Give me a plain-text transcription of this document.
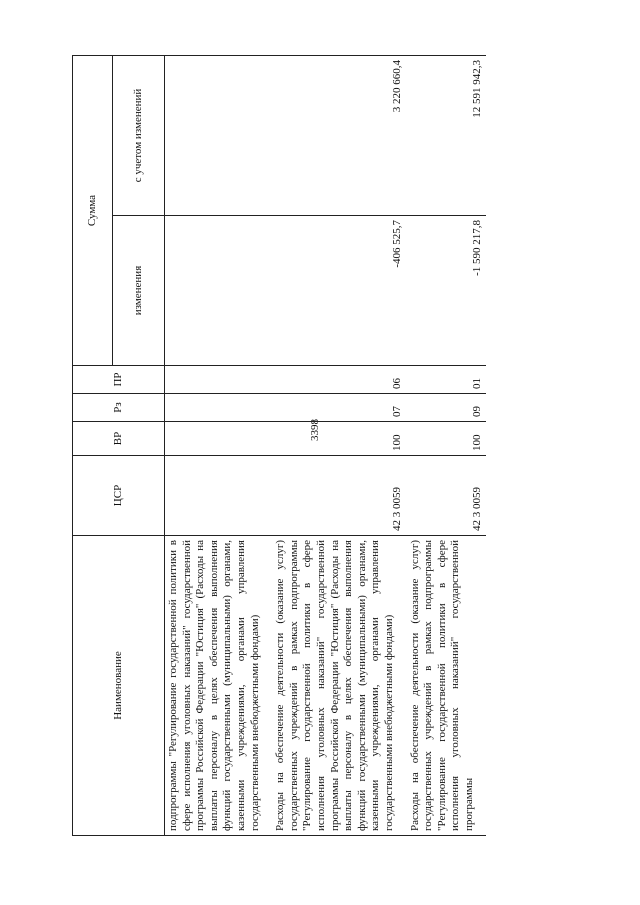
3398
Наименование	ЦСР	ВР	Рз	ПР	Сумма	
					изменения	с учетом изменений
подпрограммы "Регулирование государственной политики в сфере исполнения уголовных наказаний" государственной программы Российской Федерации "Юстиция" (Расходы на выплаты персоналу в целях обеспечения выполнения функций государственными (муниципальными) органами, казенными учреждениями, органами управления государственными внебюджетными фондами)						
Расходы на обеспечение деятельности (оказание услуг) государственных учреждений в рамках подпрограммы "Регулирование государственной политики в сфере исполнения уголовных наказаний" государственной программы Российской Федерации "Юстиция" (Расходы на выплаты персоналу в целях обеспечения выполнения функций государственными (муниципальными) органами, казенными учреждениями, органами управления государственными внебюджетными фондами)	42 3 0059	100	07	06	-406 525,7	3 220 660,4
Расходы на обеспечение деятельности (оказание услуг) государственных учреждений в рамках подпрограммы "Регулирование государственной политики в сфере исполнения уголовных наказаний" государственной программы	42 3 0059	100	09	01	-1 590 217,8	12 591 942,3
